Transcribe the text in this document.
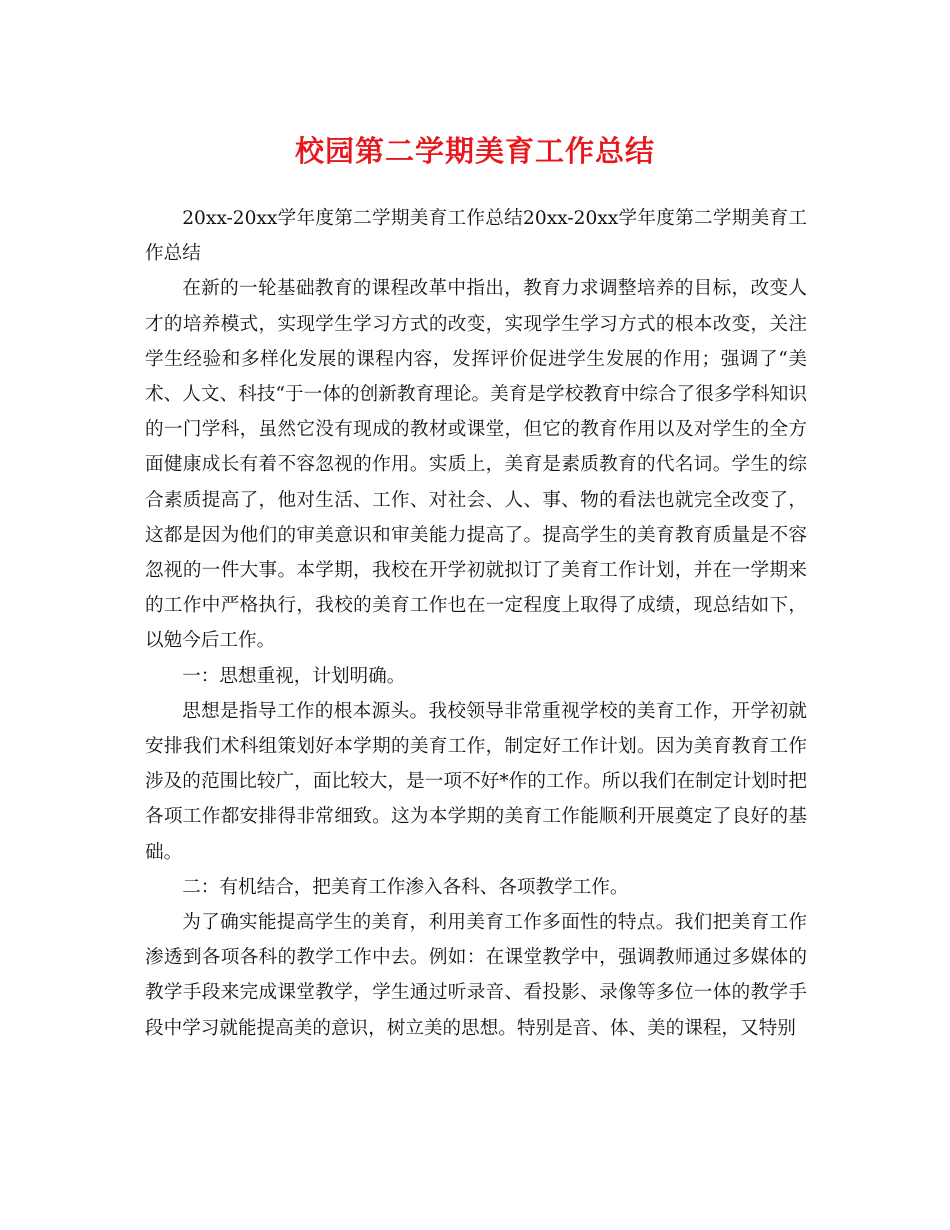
校园第二学期美育工作总结

20xx-20xx学年度第二学期美育工作总结20xx-20xx学年度第二学期美育工作总结

在新的一轮基础教育的课程改革中指出，教育力求调整培养的目标，改变人才的培养模式，实现学生学习方式的改变，实现学生学习方式的根本改变，关注学生经验和多样化发展的课程内容，发挥评价促进学生发展的作用；强调了“美术、人文、科技“于一体的创新教育理论。美育是学校教育中综合了很多学科知识的一门学科，虽然它没有现成的教材或课堂，但它的教育作用以及对学生的全方面健康成长有着不容忽视的作用。实质上，美育是素质教育的代名词。学生的综合素质提高了，他对生活、工作、对社会、人、事、物的看法也就完全改变了，这都是因为他们的审美意识和审美能力提高了。提高学生的美育教育质量是不容忽视的一件大事。本学期，我校在开学初就拟订了美育工作计划，并在一学期来的工作中严格执行，我校的美育工作也在一定程度上取得了成绩，现总结如下，以勉今后工作。

一：思想重视，计划明确。

思想是指导工作的根本源头。我校领导非常重视学校的美育工作，开学初就安排我们术科组策划好本学期的美育工作，制定好工作计划。因为美育教育工作涉及的范围比较广，面比较大，是一项不好*作的工作。所以我们在制定计划时把各项工作都安排得非常细致。这为本学期的美育工作能顺利开展奠定了良好的基础。

二：有机结合，把美育工作渗入各科、各项教学工作。

为了确实能提高学生的美育，利用美育工作多面性的特点。我们把美育工作渗透到各项各科的教学工作中去。例如：在课堂教学中，强调教师通过多媒体的教学手段来完成课堂教学，学生通过听录音、看投影、录像等多位一体的教学手段中学习就能提高美的意识，树立美的思想。特别是音、体、美的课程，又特别
